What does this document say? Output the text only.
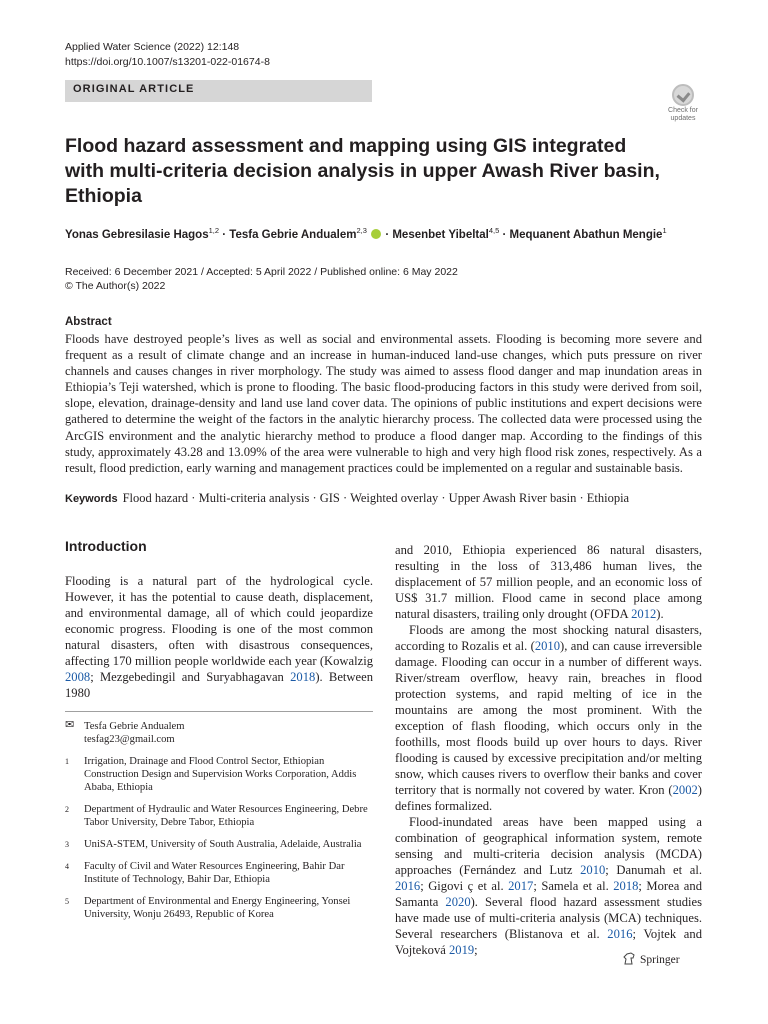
Applied Water Science (2022) 12:148
https://doi.org/10.1007/s13201-022-01674-8
ORIGINAL ARTICLE
Check for
updates
Flood hazard assessment and mapping using GIS integrated
with multi-criteria decision analysis in upper Awash River basin,
Ethiopia
Yonas Gebresilasie Hagos$^{1,2}$ · Tesfa Gebrie Andualem$^{2,3}$  · Mesenbet Yibeltal$^{4,5}$ · Mequanent Abathun Mengie$^1$
Received: 6 December 2021 / Accepted: 5 April 2022 / Published online: 6 May 2022
© The Author(s) 2022
Abstract

Floods have destroyed people’s lives as well as social and environmental assets. Flooding is becoming more severe and frequent as a result of climate change and an increase in human-induced land-use changes, which puts pressure on river channels and causes changes in river morphology. The study was aimed to assess flood danger and map inundation areas in Ethiopia’s Teji watershed, which is prone to flooding. The basic flood-producing factors in this study were derived from soil, slope, elevation, drainage-density and land use land cover data. The opinions of public institutions and expert decisions were gathered to determine the weight of the factors in the analytic hierarchy process. The collected data were processed using the ArcGIS environment and the analytic hierarchy method to produce a flood danger map. According to the findings of this study, approximately 43.28 and 13.09% of the area were vulnerable to high and very high flood risk zones, respectively. As a result, flood prediction, early warning and management practices could be implemented on a regular and sustainable basis.

Keywords Flood hazard · Multi-criteria analysis · GIS · Weighted overlay · Upper Awash River basin · Ethiopia
Introduction

Flooding is a natural part of the hydrological cycle. However, it has the potential to cause death, displacement, and environmental damage, all of which could jeopardize economic progress. Flooding is one of the most common natural disasters, often with disastrous consequences, affecting 170 million people worldwide each year (Kowalzig 2008; Mezgebedingil and Suryabhagavan 2018). Between 1980

and 2010, Ethiopia experienced 86 natural disasters, resulting in the loss of 313,486 human lives, the displacement of 57 million people, and an economic loss of US$ 31.7 million. Flood came in second place among natural disasters, trailing only drought (OFDA 2012).

Floods are among the most shocking natural disasters, according to Rozalis et al. (2010), and can cause irreversible damage. Flooding can occur in a number of different ways. River/stream overflow, heavy rain, breaches in flood protection systems, and rapid melting of ice in the mountains are among the most prominent. With the exception of flash flooding, which occurs only in the foothills, most floods build up over hours to days. River flooding is caused by excessive precipitation and/or melting snow, which causes rivers to overflow their banks and cover territory that is normally not covered by water. Kron (2002) defines formalized.

Flood-inundated areas have been mapped using a combination of geographical information system, remote sensing and multi-criteria decision analysis (MCDA) approaches (Fernández and Lutz 2010; Danumah et al. 2016; Gigovi ç et al. 2017; Samela et al. 2018; Morea and Samanta 2020). Several flood hazard assessment studies have made use of multi-criteria analysis (MCA) techniques. Several researchers (Blistanova et al. 2016; Vojtek and Vojteková 2019;

✉ Tesfa Gebrie Andualem
tesfag23@gmail.com
1 Irrigation, Drainage and Flood Control Sector, Ethiopian Construction Design and Supervision Works Corporation, Addis Ababa, Ethiopia
2 Department of Hydraulic and Water Resources Engineering, Debre Tabor University, Debre Tabor, Ethiopia
3 UniSA-STEM, University of South Australia, Adelaide, Australia
4 Faculty of Civil and Water Resources Engineering, Bahir Dar Institute of Technology, Bahir Dar, Ethiopia
5 Department of Environmental and Energy Engineering, Yonsei University, Wonju 26493, Republic of Korea
Springer
